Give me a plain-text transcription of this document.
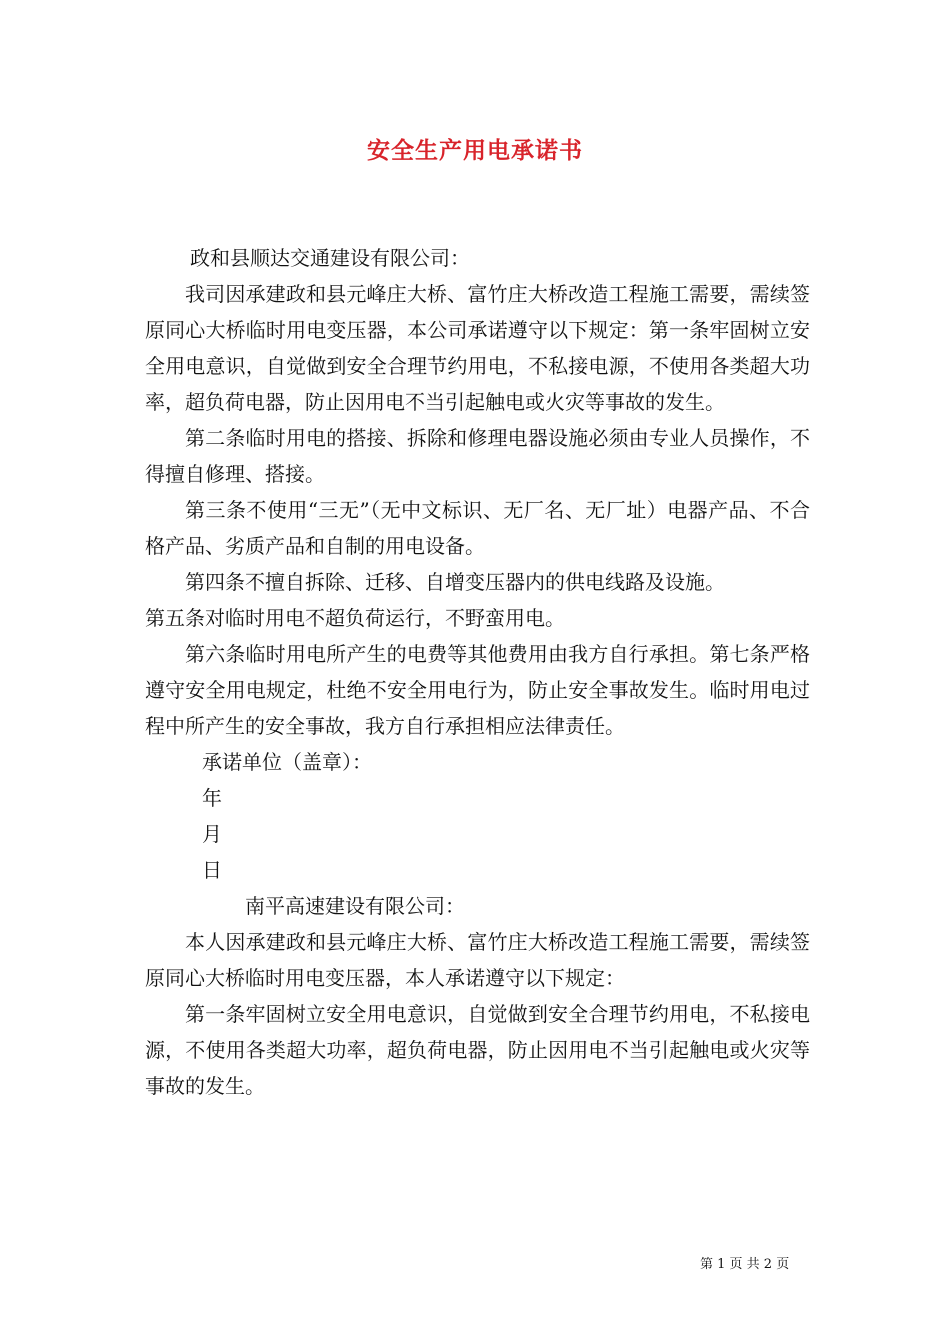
安全生产用电承诺书

政和县顺达交通建设有限公司：

我司因承建政和县元峰庄大桥、富竹庄大桥改造工程施工需要，需续签原同心大桥临时用电变压器，本公司承诺遵守以下规定：第一条牢固树立安全用电意识，自觉做到安全合理节约用电，不私接电源，不使用各类超大功率，超负荷电器，防止因用电不当引起触电或火灾等事故的发生。

第二条临时用电的搭接、拆除和修理电器设施必须由专业人员操作，不得擅自修理、搭接。

第三条不使用“三无”（无中文标识、无厂名、无厂址）电器产品、不合格产品、劣质产品和自制的用电设备。

第四条不擅自拆除、迁移、自增变压器内的供电线路及设施。

第五条对临时用电不超负荷运行，不野蛮用电。

第六条临时用电所产生的电费等其他费用由我方自行承担。第七条严格遵守安全用电规定，杜绝不安全用电行为，防止安全事故发生。临时用电过程中所产生的安全事故，我方自行承担相应法律责任。

承诺单位（盖章）：

年

月

日

南平高速建设有限公司：

本人因承建政和县元峰庄大桥、富竹庄大桥改造工程施工需要，需续签原同心大桥临时用电变压器，本人承诺遵守以下规定：

第一条牢固树立安全用电意识，自觉做到安全合理节约用电，不私接电源，不使用各类超大功率，超负荷电器，防止因用电不当引起触电或火灾等事故的发生。

第 1 页 共 2 页
